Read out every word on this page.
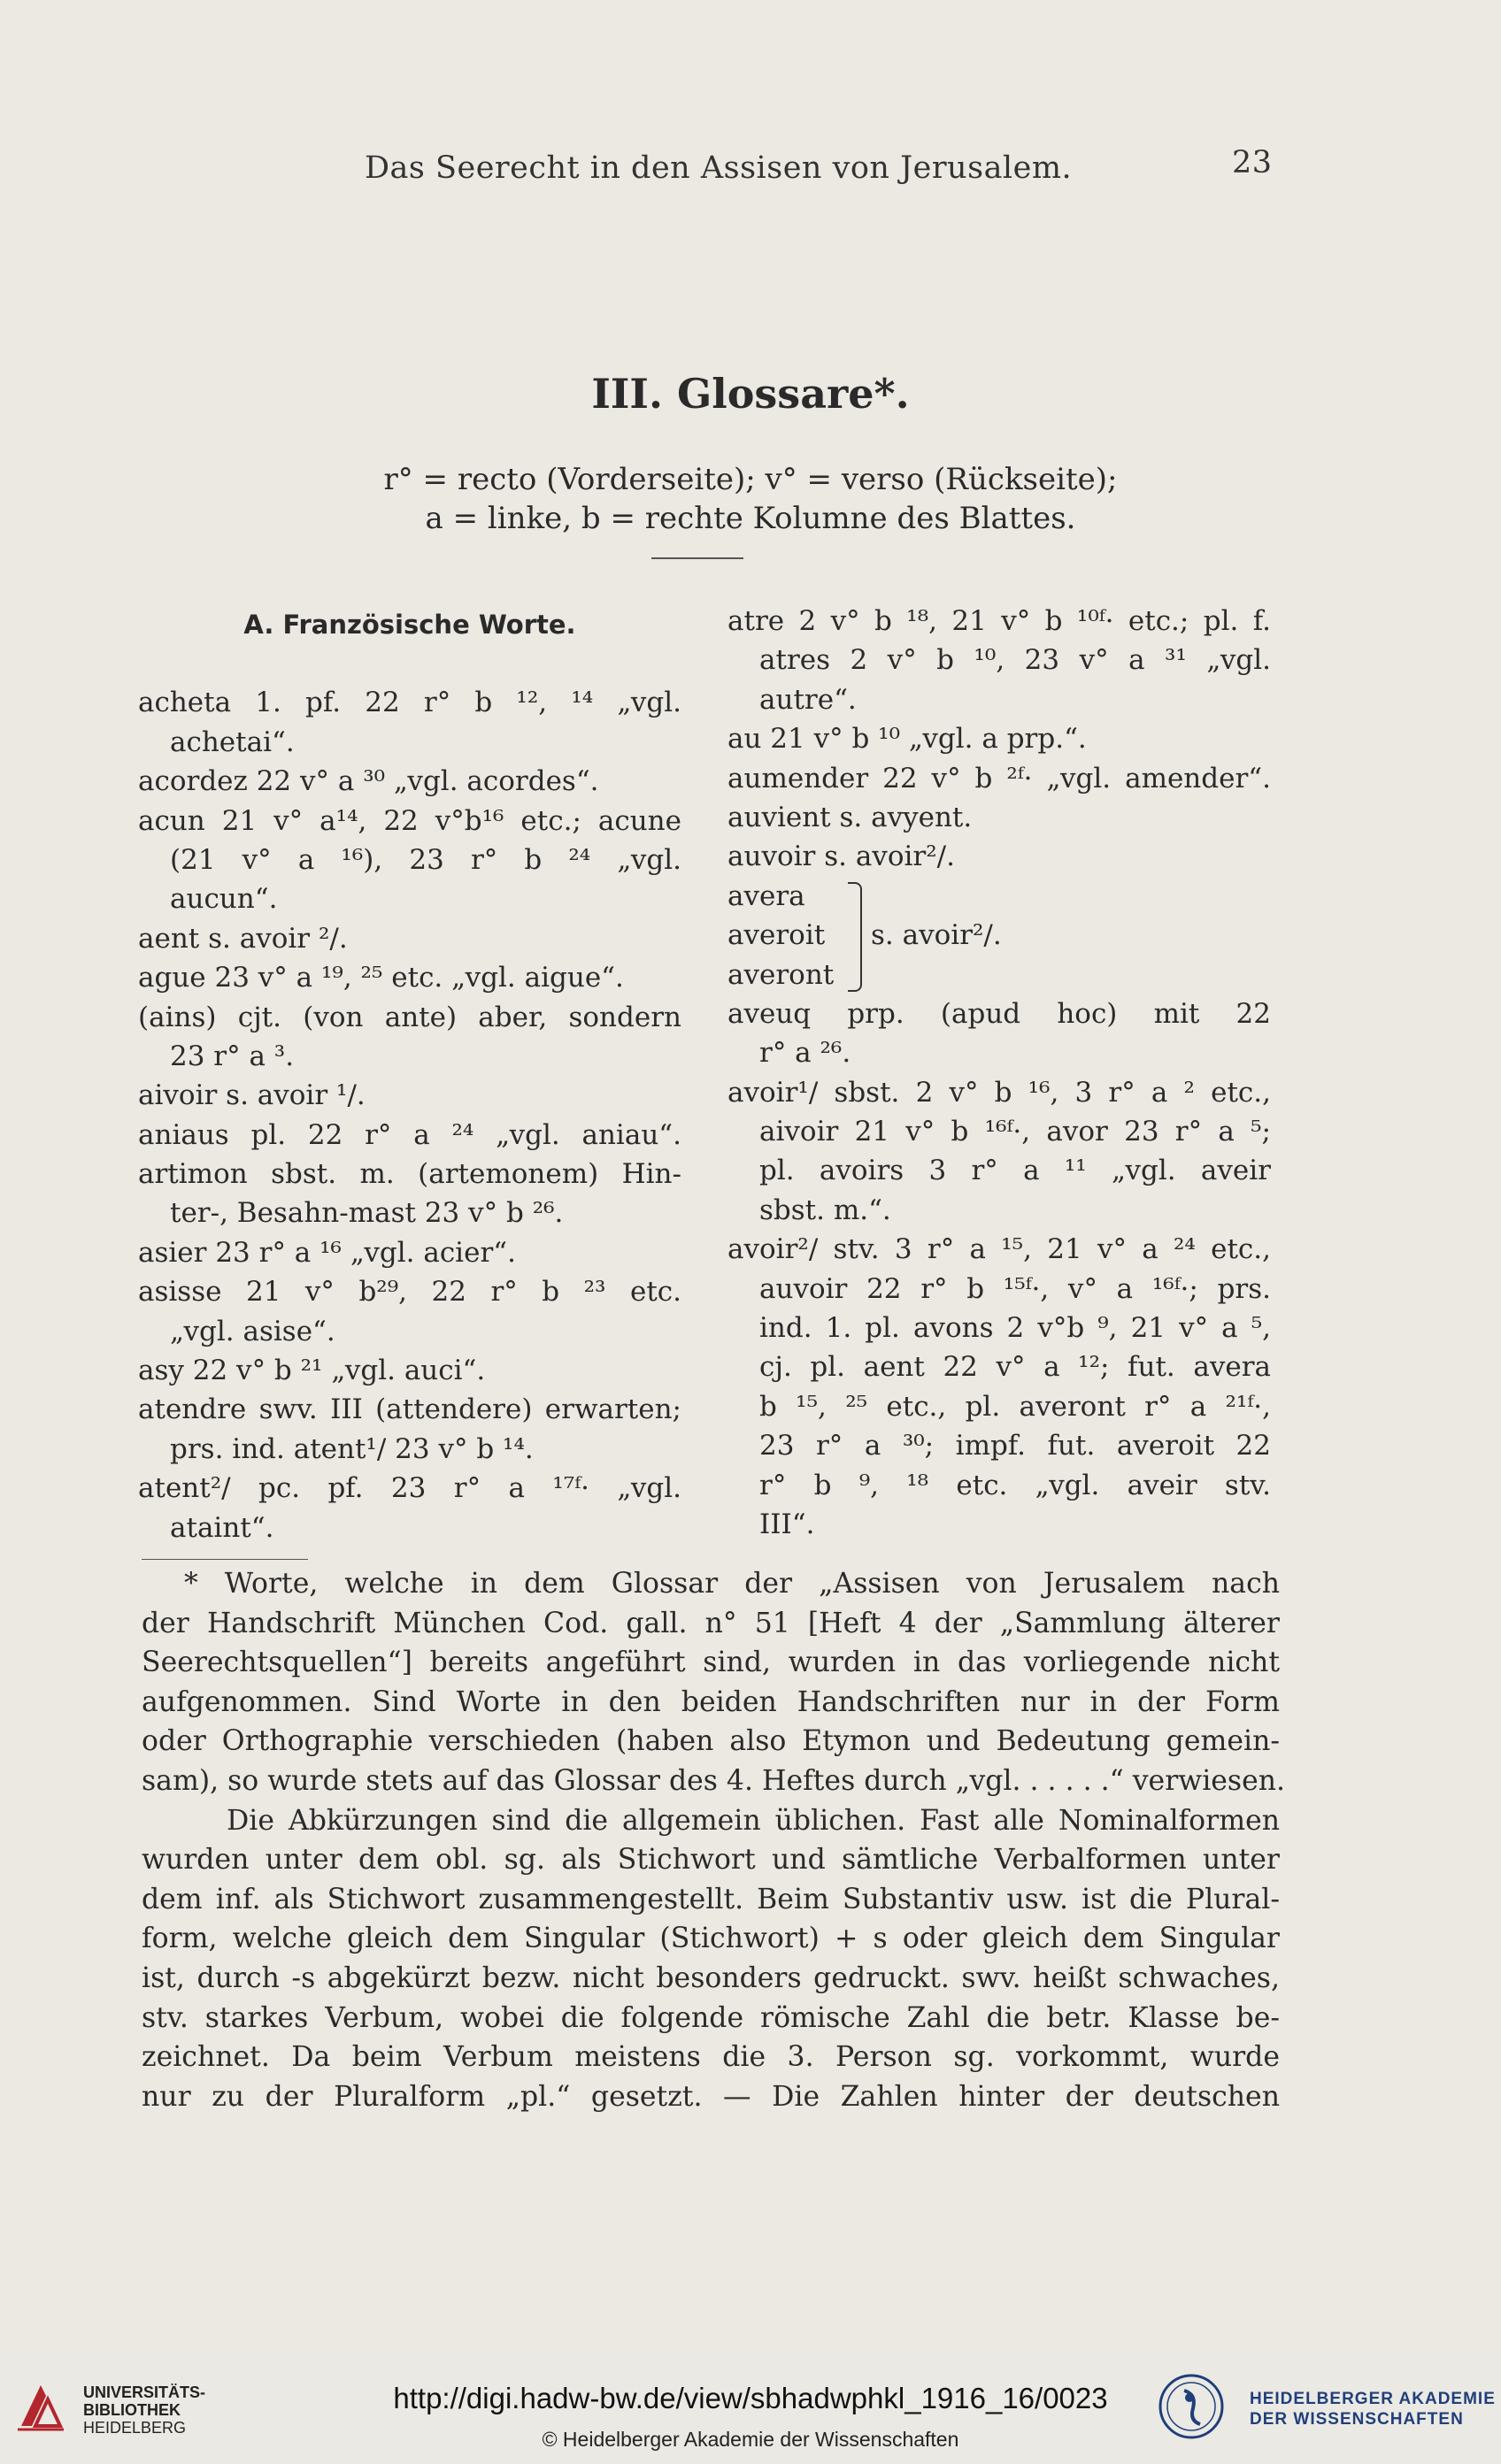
Das Seerecht in den Assisen von Jerusalem.	23
III. Glossare*.
r° = recto (Vorderseite); v° = verso (Rückseite);
a = linke, b = rechte Kolumne des Blattes.
A. Französische Worte.
acheta 1. pf. 22 r° b ¹², ¹⁴ „vgl.
achetai“.
acordez 22 v° a ³⁰ „vgl. acordes“.
acun 21 v° a¹⁴, 22 v°b¹⁶ etc.; acune
(21 v° a ¹⁶), 23 r° b ²⁴ „vgl.
aucun“.
aent s. avoir ²/.
ague 23 v° a ¹⁹, ²⁵ etc. „vgl. aigue“.
(ains) cjt. (von ante) aber, sondern
23 r° a ³.
aivoir s. avoir ¹/.
aniaus pl. 22 r° a ²⁴ „vgl. aniau“.
artimon sbst. m. (artemonem) Hin-
ter-, Besahn-mast 23 v° b ²⁶.
asier 23 r° a ¹⁶ „vgl. acier“.
asisse 21 v° b²⁹, 22 r° b ²³ etc.
„vgl. asise“.
asy 22 v° b ²¹ „vgl. auci“.
atendre swv. III (attendere) erwarten;
prs. ind. atent¹/ 23 v° b ¹⁴.
atent²/ pc. pf. 23 r° a ¹⁷ᶠ· „vgl.
ataint“.
atre 2 v° b ¹⁸, 21 v° b ¹⁰ᶠ· etc.; pl. f.
atres 2 v° b ¹⁰, 23 v° a ³¹ „vgl.
autre“.
au 21 v° b ¹⁰ „vgl. a prp.“.
aumender 22 v° b ²ᶠ· „vgl. amender“.
auvient s. avyent.
auvoir s. avoir²/.
avera
averoit
averont
s. avoir²/.
aveuq prp. (apud hoc) mit 22
r° a ²⁶.
avoir¹/ sbst. 2 v° b ¹⁶, 3 r° a ² etc.,
aivoir 21 v° b ¹⁶ᶠ·, avor 23 r° a ⁵;
pl. avoirs 3 r° a ¹¹ „vgl. aveir
sbst. m.“.
avoir²/ stv. 3 r° a ¹⁵, 21 v° a ²⁴ etc.,
auvoir 22 r° b ¹⁵ᶠ·, v° a ¹⁶ᶠ·; prs.
ind. 1. pl. avons 2 v°b ⁹, 21 v° a ⁵,
cj. pl. aent 22 v° a ¹²; fut. avera
b ¹⁵, ²⁵ etc., pl. averont r° a ²¹ᶠ·,
23 r° a ³⁰; impf. fut. averoit 22
r° b ⁹, ¹⁸ etc. „vgl. aveir stv.
III“.
* Worte, welche in dem Glossar der „Assisen von Jerusalem nach
der Handschrift München Cod. gall. n° 51 [Heft 4 der „Sammlung älterer
Seerechtsquellen“] bereits angeführt sind, wurden in das vorliegende nicht
aufgenommen. Sind Worte in den beiden Handschriften nur in der Form
oder Orthographie verschieden (haben also Etymon und Bedeutung gemein-
sam), so wurde stets auf das Glossar des 4. Heftes durch „vgl. . . . . .“ verwiesen.
Die Abkürzungen sind die allgemein üblichen. Fast alle Nominalformen
wurden unter dem obl. sg. als Stichwort und sämtliche Verbalformen unter
dem inf. als Stichwort zusammengestellt. Beim Substantiv usw. ist die Plural-
form, welche gleich dem Singular (Stichwort) + s oder gleich dem Singular
ist, durch -s abgekürzt bezw. nicht besonders gedruckt. swv. heißt schwaches,
stv. starkes Verbum, wobei die folgende römische Zahl die betr. Klasse be-
zeichnet. Da beim Verbum meistens die 3. Person sg. vorkommt, wurde
nur zu der Pluralform „pl.“ gesetzt. — Die Zahlen hinter der deutschen
UNIVERSITÄTS-
BIBLIOTHEK
HEIDELBERG
http://digi.hadw-bw.de/view/sbhadwphkl_1916_16/0023
© Heidelberger Akademie der Wissenschaften
HEIDELBERGER AKADEMIE
DER WISSENSCHAFTEN
